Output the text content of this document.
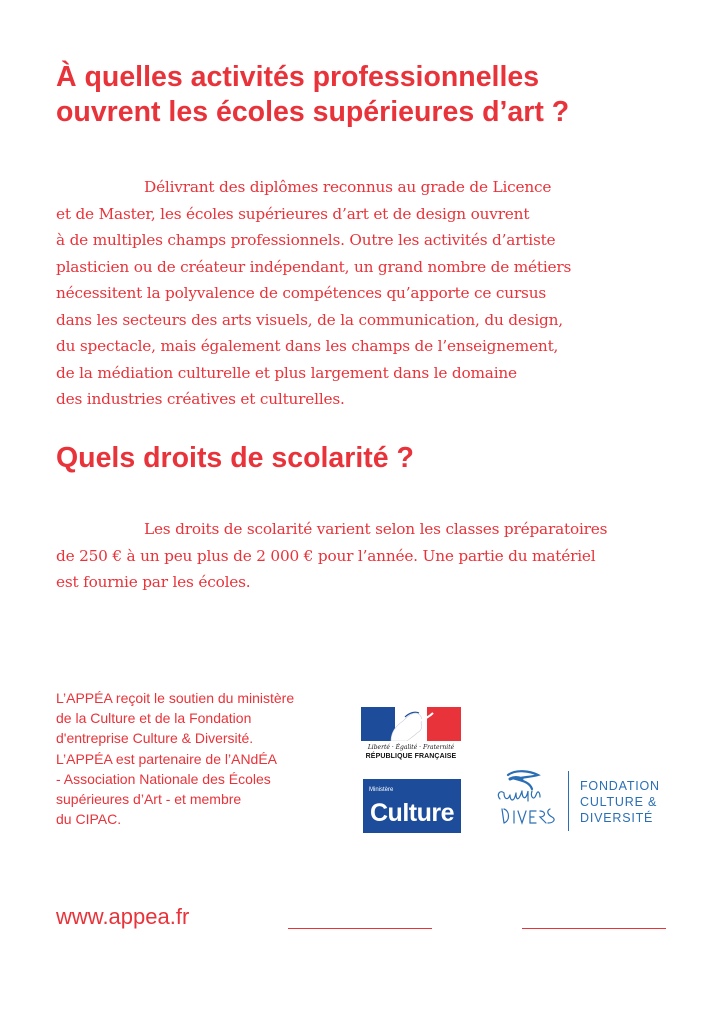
À quelles activités professionnelles
ouvrent les écoles supérieures d’art ?
Délivrant des diplômes reconnus au grade de Licence
et de Master, les écoles supérieures d’art et de design ouvrent
à de multiples champs professionnels. Outre les activités d’artiste
plasticien ou de créateur indépendant, un grand nombre de métiers
nécessitent la polyvalence de compétences qu’apporte ce cursus
dans les secteurs des arts visuels, de la communication, du design,
du spectacle, mais également dans les champs de l’enseignement,
de la médiation culturelle et plus largement dans le domaine
des industries créatives et culturelles.
Quels droits de scolarité ?
Les droits de scolarité varient selon les classes préparatoires
de 250 € à un peu plus de 2 000 € pour l’année. Une partie du matériel
est fournie par les écoles.
L’APPÉA reçoit le soutien du ministère
de la Culture et de la Fondation
d'entreprise Culture & Diversité.
L’APPÉA est partenaire de l’ANdÉA
- Association Nationale des Écoles
supérieures d’Art - et membre
du CIPAC.
Liberté · Égalité · Fraternité
RÉPUBLIQUE FRANÇAISE
Ministère
Culture
FONDATION
CULTURE &
DIVERSITÉ
www.appea.fr
